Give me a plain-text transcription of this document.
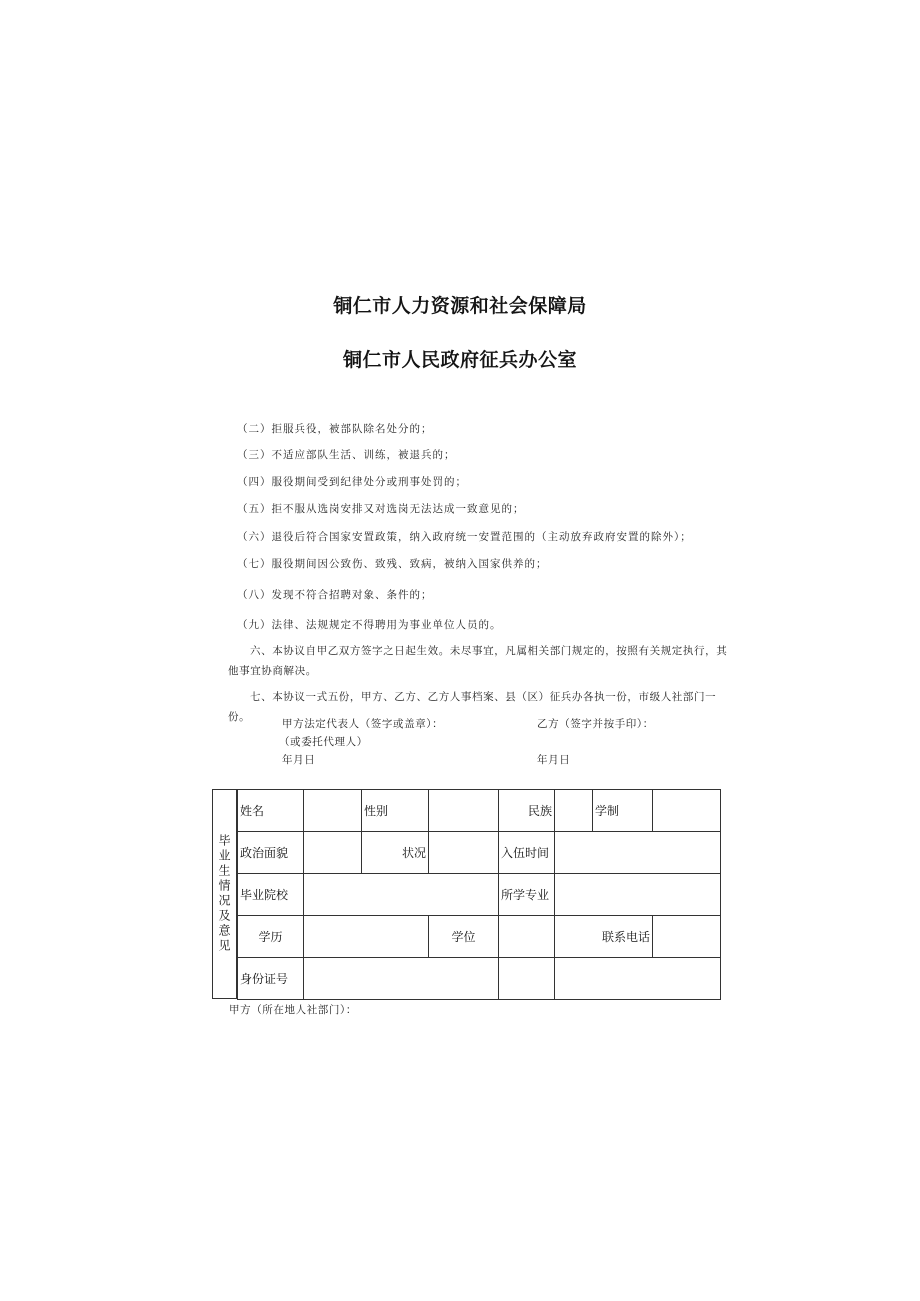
铜仁市人力资源和社会保障局
铜仁市人民政府征兵办公室
（二）拒服兵役，被部队除名处分的；
（三）不适应部队生活、训练，被退兵的；
（四）服役期间受到纪律处分或刑事处罚的；
（五）拒不服从选岗安排又对选岗无法达成一致意见的；
（六）退役后符合国家安置政策，纳入政府统一安置范围的（主动放弃政府安置的除外）；
（七）服役期间因公致伤、致残、致病，被纳入国家供养的；
（八）发现不符合招聘对象、条件的；
（九）法律、法规规定不得聘用为事业单位人员的。
六、本协议自甲乙双方签字之日起生效。未尽事宜，凡属相关部门规定的，按照有关规定执行，其他事宜协商解决。
七、本协议一式五份，甲方、乙方、乙方人事档案、县（区）征兵办各执一份，市级人社部门一份。
甲方法定代表人（签字或盖章）：	乙方（签字并按手印）：
（或委托代理人）
年月日	年月日
毕业生情况及意见
姓名		性别		民族		学制	
政治面貌		状况		入伍时间			
毕业院校				所学专业			
学历			学位		联系电话		
身份证号							
甲方（所在地人社部门）：
